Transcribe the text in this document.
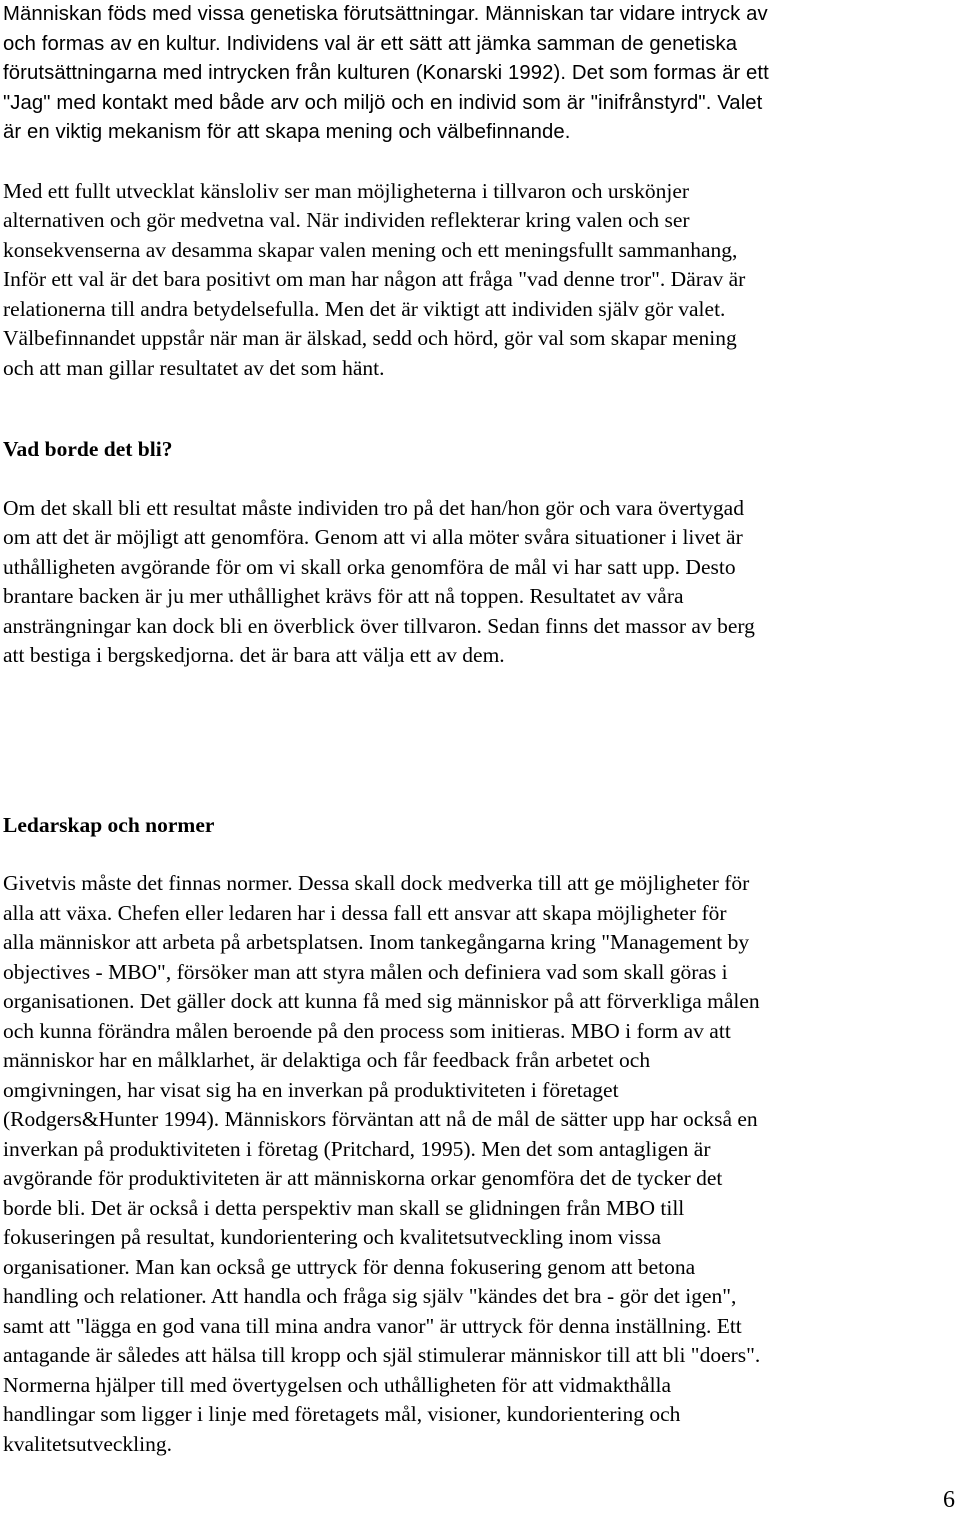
Människan föds med vissa genetiska förutsättningar. Människan tar vidare intryck av
och formas av en kultur. Individens val är ett sätt att jämka samman de genetiska
förutsättningarna med intrycken från kulturen (Konarski 1992). Det som formas är ett
"Jag" med kontakt med både arv och miljö och en individ som är "inifrånstyrd". Valet
är en viktig mekanism för att skapa mening och välbefinnande.

Med ett fullt utvecklat känsloliv ser man möjligheterna i tillvaron och urskönjer
alternativen och gör medvetna val. När individen reflekterar kring valen och ser
konsekvenserna av desamma skapar valen mening och ett meningsfullt sammanhang,
Inför ett val är det bara positivt om man har någon att fråga "vad denne tror". Därav är
relationerna till andra betydelsefulla. Men det är viktigt att individen själv gör valet.
Välbefinnandet uppstår när man är älskad, sedd och hörd, gör val som skapar mening
och att man gillar resultatet av det som hänt.

Vad borde det bli?

Om det skall bli ett resultat måste individen tro på det han/hon gör och vara övertygad
om att det är möjligt att genomföra. Genom att vi alla möter svåra situationer i livet är
uthålligheten avgörande för om vi skall orka genomföra de mål vi har satt upp. Desto
brantare backen är ju mer uthållighet krävs för att nå toppen. Resultatet av våra
ansträngningar kan dock bli en överblick över tillvaron. Sedan finns det massor av berg
att bestiga i bergskedjorna. det är bara att välja ett av dem.

Ledarskap och normer

Givetvis måste det finnas normer. Dessa skall dock medverka till att ge möjligheter för
alla att växa. Chefen eller ledaren har i dessa fall ett ansvar att skapa möjligheter för
alla människor att arbeta på arbetsplatsen. Inom tankegångarna kring "Management by
objectives - MBO", försöker man att styra målen och definiera vad som skall göras i
organisationen. Det gäller dock att kunna få med sig människor på att förverkliga målen
och kunna förändra målen beroende på den process som initieras. MBO i form av att
människor har en målklarhet, är delaktiga och får feedback från arbetet och
omgivningen, har visat sig ha en inverkan på produktiviteten i företaget
(Rodgers&Hunter 1994). Människors förväntan att nå de mål de sätter upp har också en
inverkan på produktiviteten i företag (Pritchard, 1995). Men det som antagligen är
avgörande för produktiviteten är att människorna orkar genomföra det de tycker det
borde bli. Det är också i detta perspektiv man skall se glidningen från MBO till
fokuseringen på resultat, kundorientering och kvalitetsutveckling inom vissa
organisationer. Man kan också ge uttryck för denna fokusering genom att betona
handling och relationer. Att handla och fråga sig själv "kändes det bra - gör det igen",
samt att "lägga en god vana till mina andra vanor" är uttryck för denna inställning. Ett
antagande är således att hälsa till kropp och själ stimulerar människor till att bli "doers".
Normerna hjälper till med övertygelsen och uthålligheten för att vidmakthålla
handlingar som ligger i linje med företagets mål, visioner, kundorientering och
kvalitetsutveckling.

6
